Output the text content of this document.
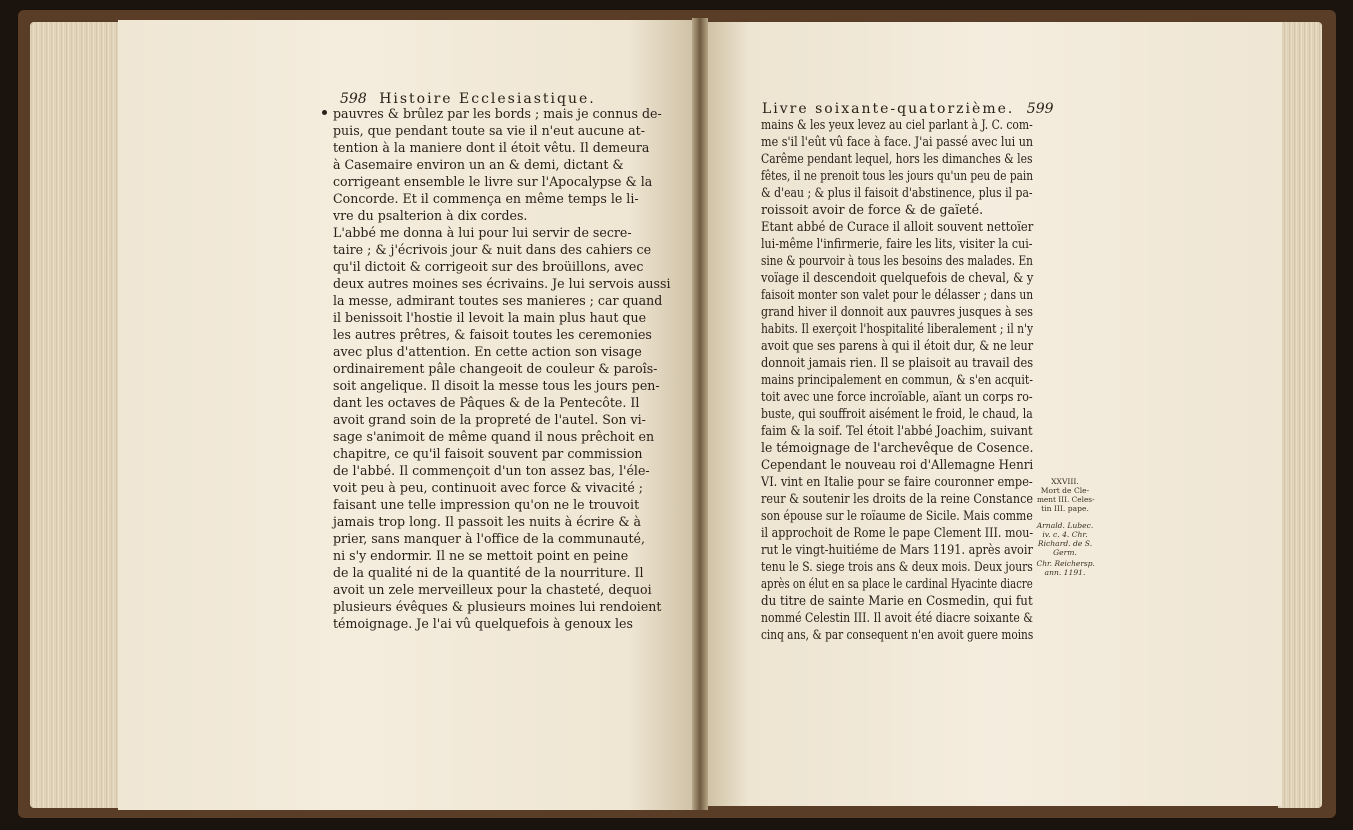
598 Histoire Ecclesiastique.
pauvres & brûlez par les bords ; mais je connus de-
puis, que pendant toute sa vie il n'eut aucune at-
tention à la maniere dont il étoit vêtu. Il demeura
à Casemaire environ un an & demi, dictant &
corrigeant ensemble le livre sur l'Apocalypse & la
Concorde. Et il commença en même temps le li-
vre du psalterion à dix cordes.
L'abbé me donna à lui pour lui servir de secre-
taire ; & j'écrivois jour & nuit dans des cahiers ce
qu'il dictoit & corrigeoit sur des broüillons, avec
deux autres moines ses écrivains. Je lui servois aussi
la messe, admirant toutes ses manieres ; car quand
il benissoit l'hostie il levoit la main plus haut que
les autres prêtres, & faisoit toutes les ceremonies
avec plus d'attention. En cette action son visage
ordinairement pâle changeoit de couleur & paroîs-
soit angelique. Il disoit la messe tous les jours pen-
dant les octaves de Pâques & de la Pentecôte. Il
avoit grand soin de la propreté de l'autel. Son vi-
sage s'animoit de même quand il nous prêchoit en
chapitre, ce qu'il faisoit souvent par commission
de l'abbé. Il commençoit d'un ton assez bas, l'éle-
voit peu à peu, continuoit avec force & vivacité ;
faisant une telle impression qu'on ne le trouvoit
jamais trop long. Il passoit les nuits à écrire & à
prier, sans manquer à l'office de la communauté,
ni s'y endormir. Il ne se mettoit point en peine
de la qualité ni de la quantité de la nourriture. Il
avoit un zele merveilleux pour la chasteté, dequoi
plusieurs évêques & plusieurs moines lui rendoient
témoignage. Je l'ai vû quelquefois à genoux les
Livre soixante-quatorzième. 599
mains & les yeux levez au ciel parlant à J. C. com-
me s'il l'eût vû face à face. J'ai passé avec lui un
Carême pendant lequel, hors les dimanches & les
fêtes, il ne prenoit tous les jours qu'un peu de pain
& d'eau ; & plus il faisoit d'abstinence, plus il pa-
roissoit avoir de force & de gaïeté.
Etant abbé de Curace il alloit souvent nettoïer
lui-même l'infirmerie, faire les lits, visiter la cui-
sine & pourvoir à tous les besoins des malades. En
voïage il descendoit quelquefois de cheval, & y
faisoit monter son valet pour le délasser ; dans un
grand hiver il donnoit aux pauvres jusques à ses
habits. Il exerçoit l'hospitalité liberalement ; il n'y
avoit que ses parens à qui il étoit dur, & ne leur
donnoit jamais rien. Il se plaisoit au travail des
mains principalement en commun, & s'en acquit-
toit avec une force incroïable, aïant un corps ro-
buste, qui souffroit aisément le froid, le chaud, la
faim & la soif. Tel étoit l'abbé Joachim, suivant
le témoignage de l'archevêque de Cosence.
Cependant le nouveau roi d'Allemagne Henri
VI. vint en Italie pour se faire couronner empe-
reur & soutenir les droits de la reine Constance
son épouse sur le roïaume de Sicile. Mais comme
il approchoit de Rome le pape Clement III. mou-
rut le vingt-huitiéme de Mars 1191. après avoir
tenu le S. siege trois ans & deux mois. Deux jours
après on élut en sa place le cardinal Hyacinte diacre
du titre de sainte Marie en Cosmedin, qui fut
nommé Celestin III. Il avoit été diacre soixante &
cinq ans, & par consequent n'en avoit guere moins
XXVIII.
Mort de Cle-
ment III. Celes-
tin III. pape.
Arnald. Lubec.
iv. c. 4. Chr.
Richard. de S.
Germ.
Chr. Reichersp.
ann. 1191.
